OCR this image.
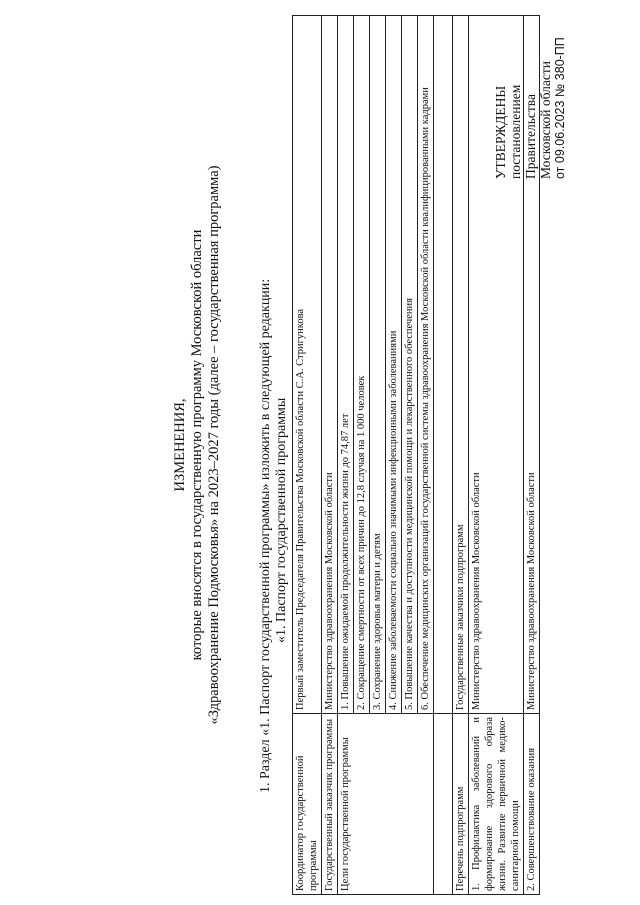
УТВЕРЖДЕНЫ постановлением Правительства Московской области от 09.06.2023 № 380-ПП
ИЗМЕНЕНИЯ, которые вносятся в государственную программу Московской области «Здравоохранение Подмосковья» на 2023–2027 годы (далее – государственная программа)	1. Раздел «1. Паспорт государственной программы» изложить в следующей редакции: «1. Паспорт государственной программы
Координатор государственной программы	Первый заместитель Председателя Правительства Московской области С.А. Стригункова
Государственный заказчик программы	Министерство здравоохранения Московской области
Цели государственной программы	1. Повышение ожидаемой продолжительности жизни до 74,87 лет
	2. Сокращение смертности от всех причин до 12,8 случая на 1 000 человек
	3. Сохранение здоровья матери и детям
	4. Снижение заболеваемости социально значимыми инфекционными заболеваниями
	5. Повышение качества и доступности медицинской помощи и лекарственного обеспечения
	6. Обеспечение медицинских организаций государственной системы здравоохранения Московской области квалифицированными кадрами

Перечень подпрограмм	Государственные заказчики подпрограмм
1. Профилактика заболеваний и формирование здорового образа жизни. Развитие первичной медико-санитарной помощи	Министерство здравоохранения Московской области
2. Совершенствование оказания	Министерство здравоохранения Московской области
